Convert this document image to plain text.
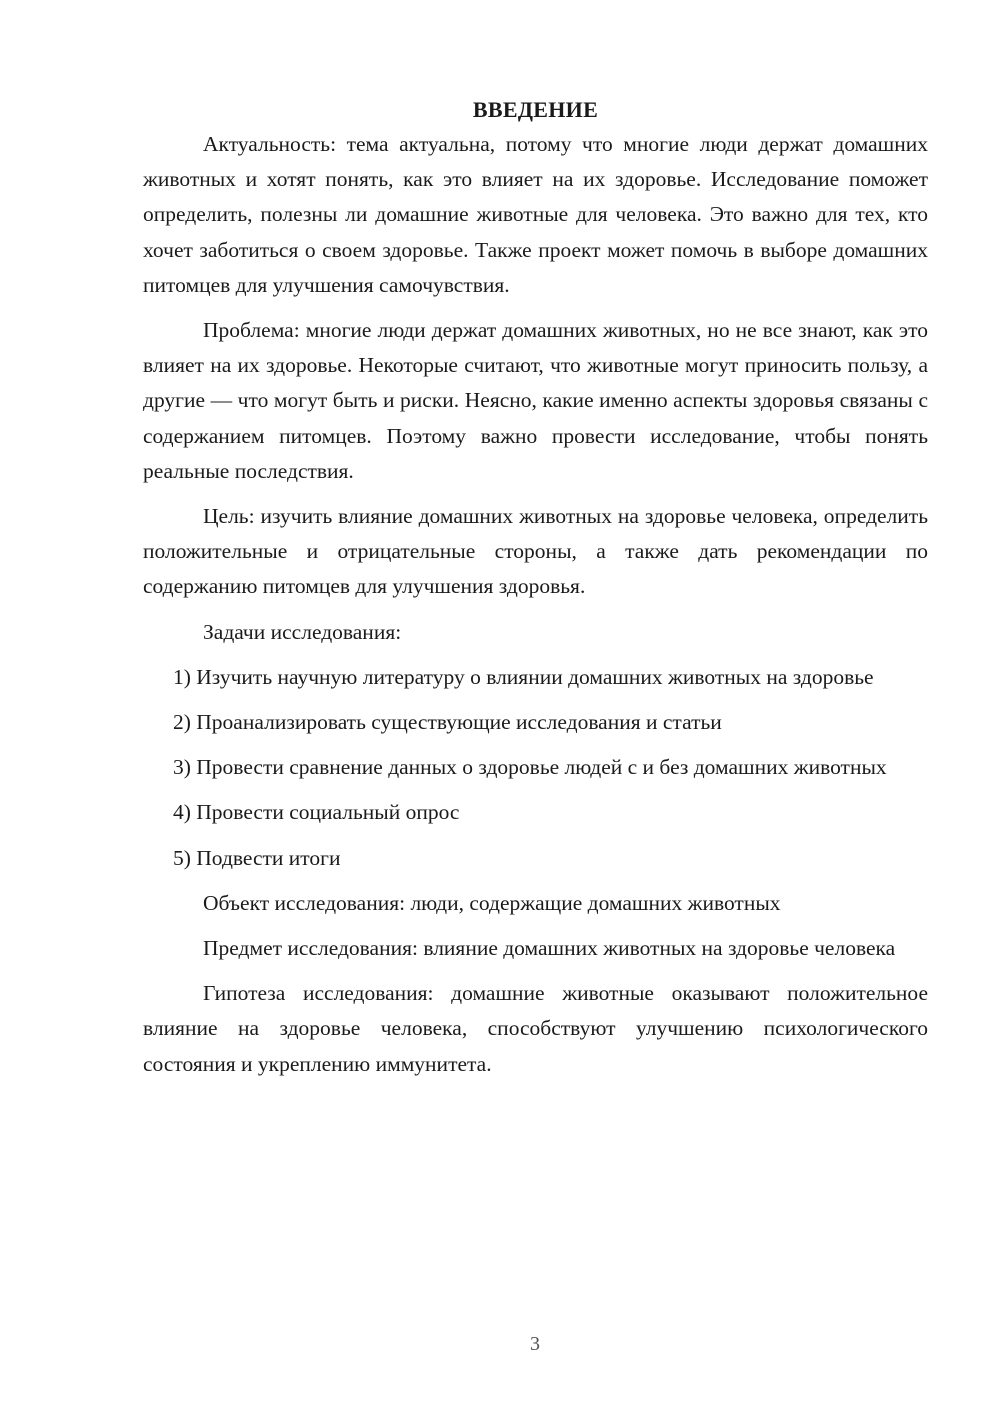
ВВЕДЕНИЕ

Актуальность: тема актуальна, потому что многие люди держат домашних животных и хотят понять, как это влияет на их здоровье. Исследование поможет определить, полезны ли домашние животные для человека. Это важно для тех, кто хочет заботиться о своем здоровье. Также проект может помочь в выборе домашних питомцев для улучшения самочувствия.

Проблема: многие люди держат домашних животных, но не все знают, как это влияет на их здоровье. Некоторые считают, что животные могут приносить пользу, а другие — что могут быть и риски. Неясно, какие именно аспекты здоровья связаны с содержанием питомцев. Поэтому важно провести исследование, чтобы понять реальные последствия.

Цель: изучить влияние домашних животных на здоровье человека, определить положительные и отрицательные стороны, а также дать рекомендации по содержанию питомцев для улучшения здоровья.

Задачи исследования:

1) Изучить научную литературу о влиянии домашних животных на здоровье

2) Проанализировать существующие исследования и статьи

3) Провести сравнение данных о здоровье людей с и без домашних животных

4) Провести социальный опрос

5) Подвести итоги

Объект исследования: люди, содержащие домашних животных

Предмет исследования: влияние домашних животных на здоровье человека

Гипотеза исследования: домашние животные оказывают положительное влияние на здоровье человека, способствуют улучшению психологического состояния и укреплению иммунитета.

3
